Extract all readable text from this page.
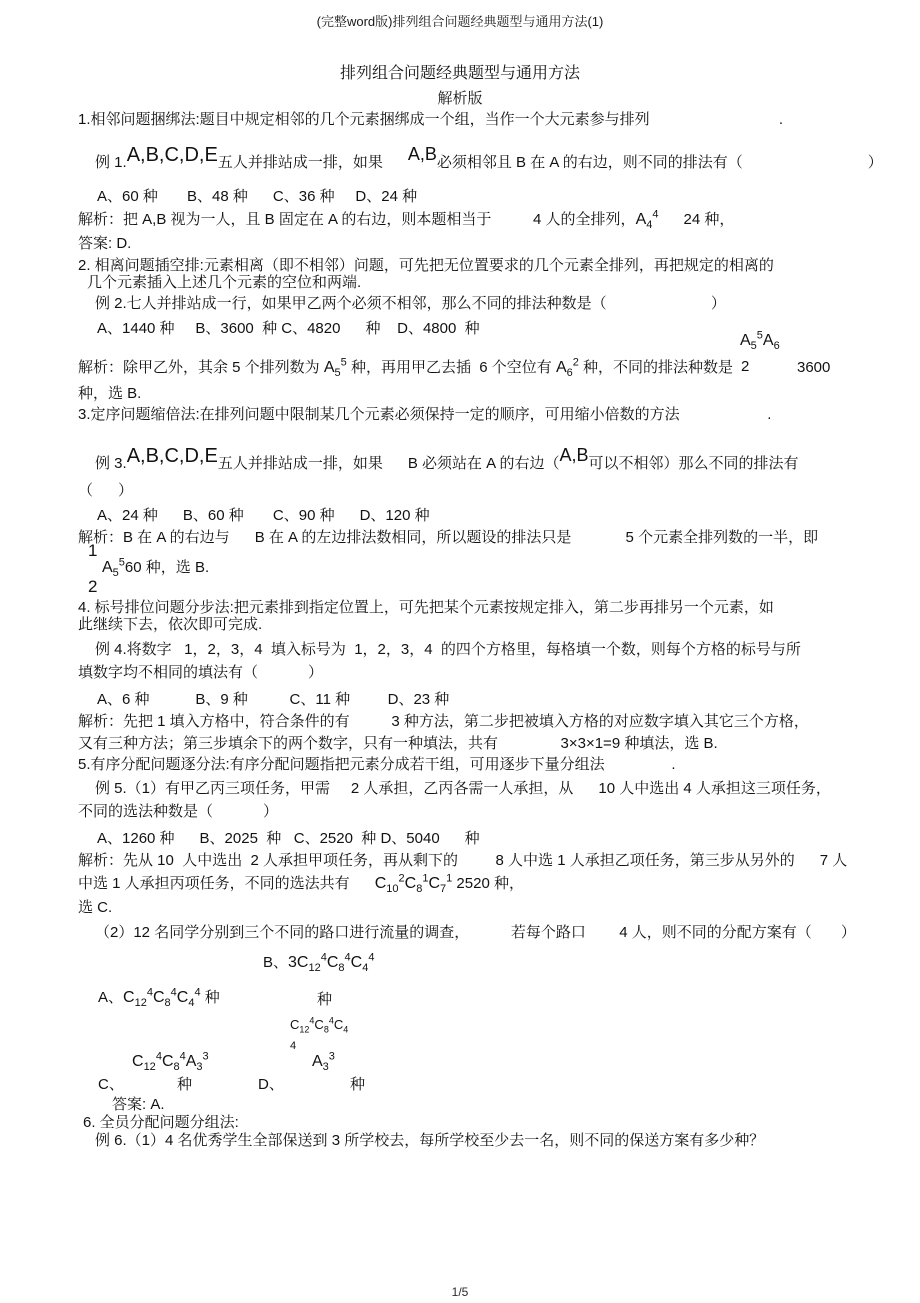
(完整word版)排列组合问题经典题型与通用方法(1)
排列组合问题经典题型与通用方法
解析版
1.相邻问题捆绑法:题目中规定相邻的几个元素捆绑成一个组，当作一个大元素参与排列                               .
例 1.A,B,C,D,E五人并排站成一排，如果      A,B必须相邻且 B 在 A 的右边，则不同的排法有（                              ）
A、60 种       B、48 种      C、36 种     D、24 种
解析：把 A,B 视为一人，且 B 固定在 A 的右边，则本题相当于          4 人的全排列，$A_4^4$      24 种，
答案: D.
2. 相离问题插空排:元素相离（即不相邻）问题，可先把无位置要求的几个元素全排列，再把规定的相离的
几个元素插入上述几个元素的空位和两端.
例 2.七人并排站成一行，如果甲乙两个必须不相邻，那么不同的排法种数是（                         ）
A、1440 种     B、3600  种 C、4820      种    D、4800  种
$A_5^5A_6$
解析：除甲乙外，其余 5 个排列数为 $A_5^5$ 种，再用甲乙去插  6 个空位有 $A_6^2$ 种，不同的排法种数是 2	3600
种，选 B.
3.定序问题缩倍法:在排列问题中限制某几个元素必须保持一定的顺序，可用缩小倍数的方法                     .
例 3.A,B,C,D,E五人并排站成一排，如果      B 必须站在 A 的右边（A,B可以不相邻）那么不同的排法有
（      ）
A、24 种      B、60 种       C、90 种      D、120 种
解析：B 在 A 的右边与      B 在 A 的左边排法数相同，所以题设的排法只是             5 个元素全排列数的一半，即
1
$A_5^560$ 种，选 B.
2
4. 标号排位问题分步法:把元素排到指定位置上，可先把某个元素按规定排入，第二步再排另一个元素，如
此继续下去，依次即可完成.
例 4.将数字   1，2，3，4  填入标号为  1，2，3，4  的四个方格里，每格填一个数，则每个方格的标号与所
填数字均不相同的填法有（            ）
A、6 种           B、9 种          C、11 种         D、23 种
解析：先把 1 填入方格中，符合条件的有          3 种方法，第二步把被填入方格的对应数字填入其它三个方格，
又有三种方法；第三步填余下的两个数字，只有一种填法，共有               3×3×1=9 种填法，选 B.
5.有序分配问题逐分法:有序分配问题指把元素分成若干组，可用逐步下量分组法                .
例 5.（1）有甲乙丙三项任务，甲需     2 人承担，乙丙各需一人承担，从      10 人中选出 4 人承担这三项任务，
不同的选法种数是（            ）
A、1260 种      B、2025  种   C、2520  种 D、5040      种
解析：先从 10  人中选出  2 人承担甲项任务，再从剩下的         8 人中选 1 人承担乙项任务，第三步从另外的      7 人
中选 1 人承担丙项任务，不同的选法共有      $C_{10}^2C_8^1C_7^1$ 2520 种，
选 C.
（2）12 名同学分别到三个不同的路口进行流量的调查，          若每个路口        4 人，则不同的分配方案有（       ）
B、$3C_{12}^4C_8^4C_4^4$
A、$C_{12}^4C_8^4C_4^4$ 种	种
$C_{12}^4C_8^4C_4$
4
$C_{12}^4C_8^4A_3^3$	$A_3^3$
C、	种	D、	种
答案: A.
6. 全员分配问题分组法:
例 6.（1）4 名优秀学生全部保送到 3 所学校去，每所学校至少去一名，则不同的保送方案有多少种？
1/5
